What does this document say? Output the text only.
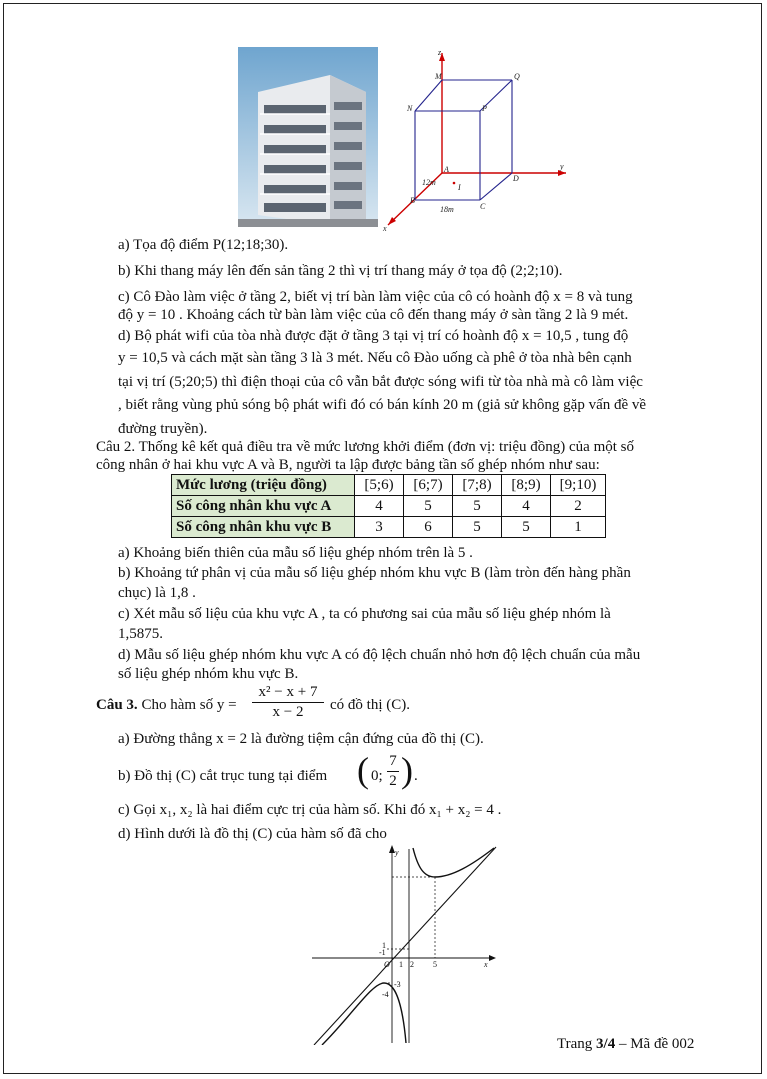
z
M	Q
N	P
A	y
12m
I
D
B
C
18m
x
a) Tọa độ điểm P(12;18;30).
b) Khi thang máy lên đến sản tầng 2 thì vị trí thang máy ở tọa độ (2;2;10).
c) Cô Đào làm việc ở tầng 2, biết vị trí bàn làm việc của cô có hoành độ x = 8 và tung
độ y = 10 . Khoảng cách từ bàn làm việc của cô đến thang máy ở sàn tầng 2 là 9 mét.
d) Bộ phát wifi của tòa nhà được đặt ở tầng 3 tại vị trí có hoành độ x = 10,5 , tung độ
y = 10,5 và cách mặt sàn tầng 3 là 3 mét. Nếu cô Đào uống cà phê ở tòa nhà bên cạnh
tại vị trí (5;20;5) thì điện thoại của cô vẫn bắt được sóng wifi từ tòa nhà mà cô làm việc
, biết rằng vùng phủ sóng bộ phát wifi đó có bán kính 20 m (giả sử không gặp vấn đề về
đường truyền).
Câu 2. Thống kê kết quả điều tra về mức lương khởi điểm (đơn vị: triệu đồng) của một số
công nhân ở hai khu vực A và B, người ta lập được bảng tần số ghép nhóm như sau:
Mức lương (triệu đồng)	[5;6)	[6;7)	[7;8)	[8;9)	[9;10)
Số công nhân khu vực A	4	5	5	4	2
Số công nhân khu vực B	3	6	5	5	1
a) Khoảng biến thiên của mẫu số liệu ghép nhóm trên là 5 .
b) Khoảng tứ phân vị của mẫu số liệu ghép nhóm khu vực B (làm tròn đến hàng phần
chục) là 1,8 .
c) Xét mẫu số liệu của khu vực A , ta có phương sai của mẫu số liệu ghép nhóm là
1,5875.
d) Mẫu số liệu ghép nhóm khu vực A có độ lệch chuẩn nhỏ hơn độ lệch chuẩn của mẫu
số liệu ghép nhóm khu vực B.
Câu 3. Cho hàm số $y = \frac{\text{x² − x + 7}}{x - 2}$ có đồ thị (C).
a) Đường thẳng x = 2 là đường tiệm cận đứng của đồ thị (C).
b) Đồ thị (C) cắt trục tung tại điểm ( 0;
7
2 ) .
c) Gọi x₁, x₂ là hai điểm cực trị của hàm số. Khi đó x₁ + x₂ = 4 .
d) Hình dưới là đồ thị (C) của hàm số đã cho
y
x
1
-1
O 1 2 5
-3
-4
Trang 3/4 – Mã đề 002
